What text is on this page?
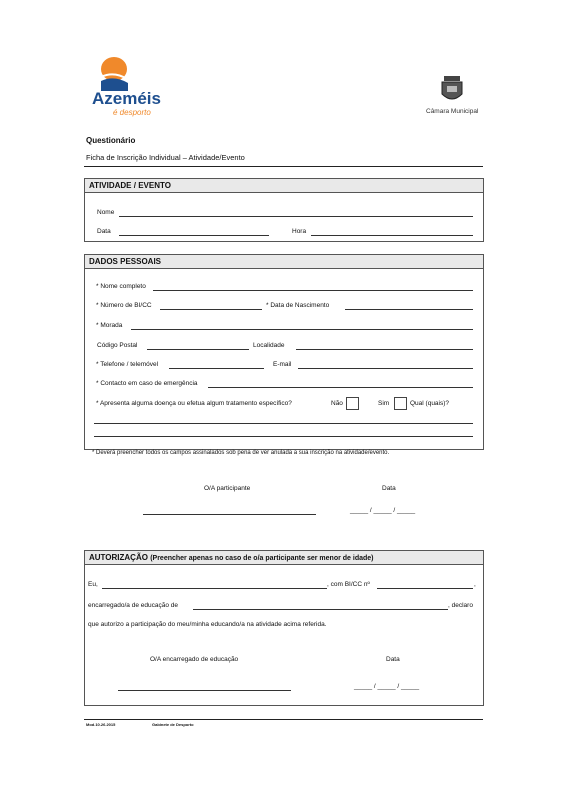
Azeméis
é desporto	Câmara Municipal
Questionário
Ficha de Inscrição Individual – Atividade/Evento
ATIVIDADE / EVENTO
Nome
Data	Hora
DADOS PESSOAIS
* Nome completo
* Número de BI/CC	* Data de Nascimento
* Morada
Código Postal	Localidade
* Telefone / telemóvel	E-mail
* Contacto em caso de emergência
* Apresenta alguma doença ou efetua algum tratamento específico?	Não	Sim	Qual (quais)?
* Deverá preencher todos os campos assinalados sob pena de ver anulada a sua inscrição na atividade/evento.
O/A participante	Data
_____ / _____ / _____
AUTORIZAÇÃO (Preencher apenas no caso de o/a participante ser menor de idade)
Eu,	, com BI/CC nº	,
encarregado/a de educação de	, declaro
que autorizo a participação do meu/minha educando/a na atividade acima referida.
O/A encarregado de educação	Data
_____ / _____ / _____
Mod.10.26.2015	Gabinete de Desporto
